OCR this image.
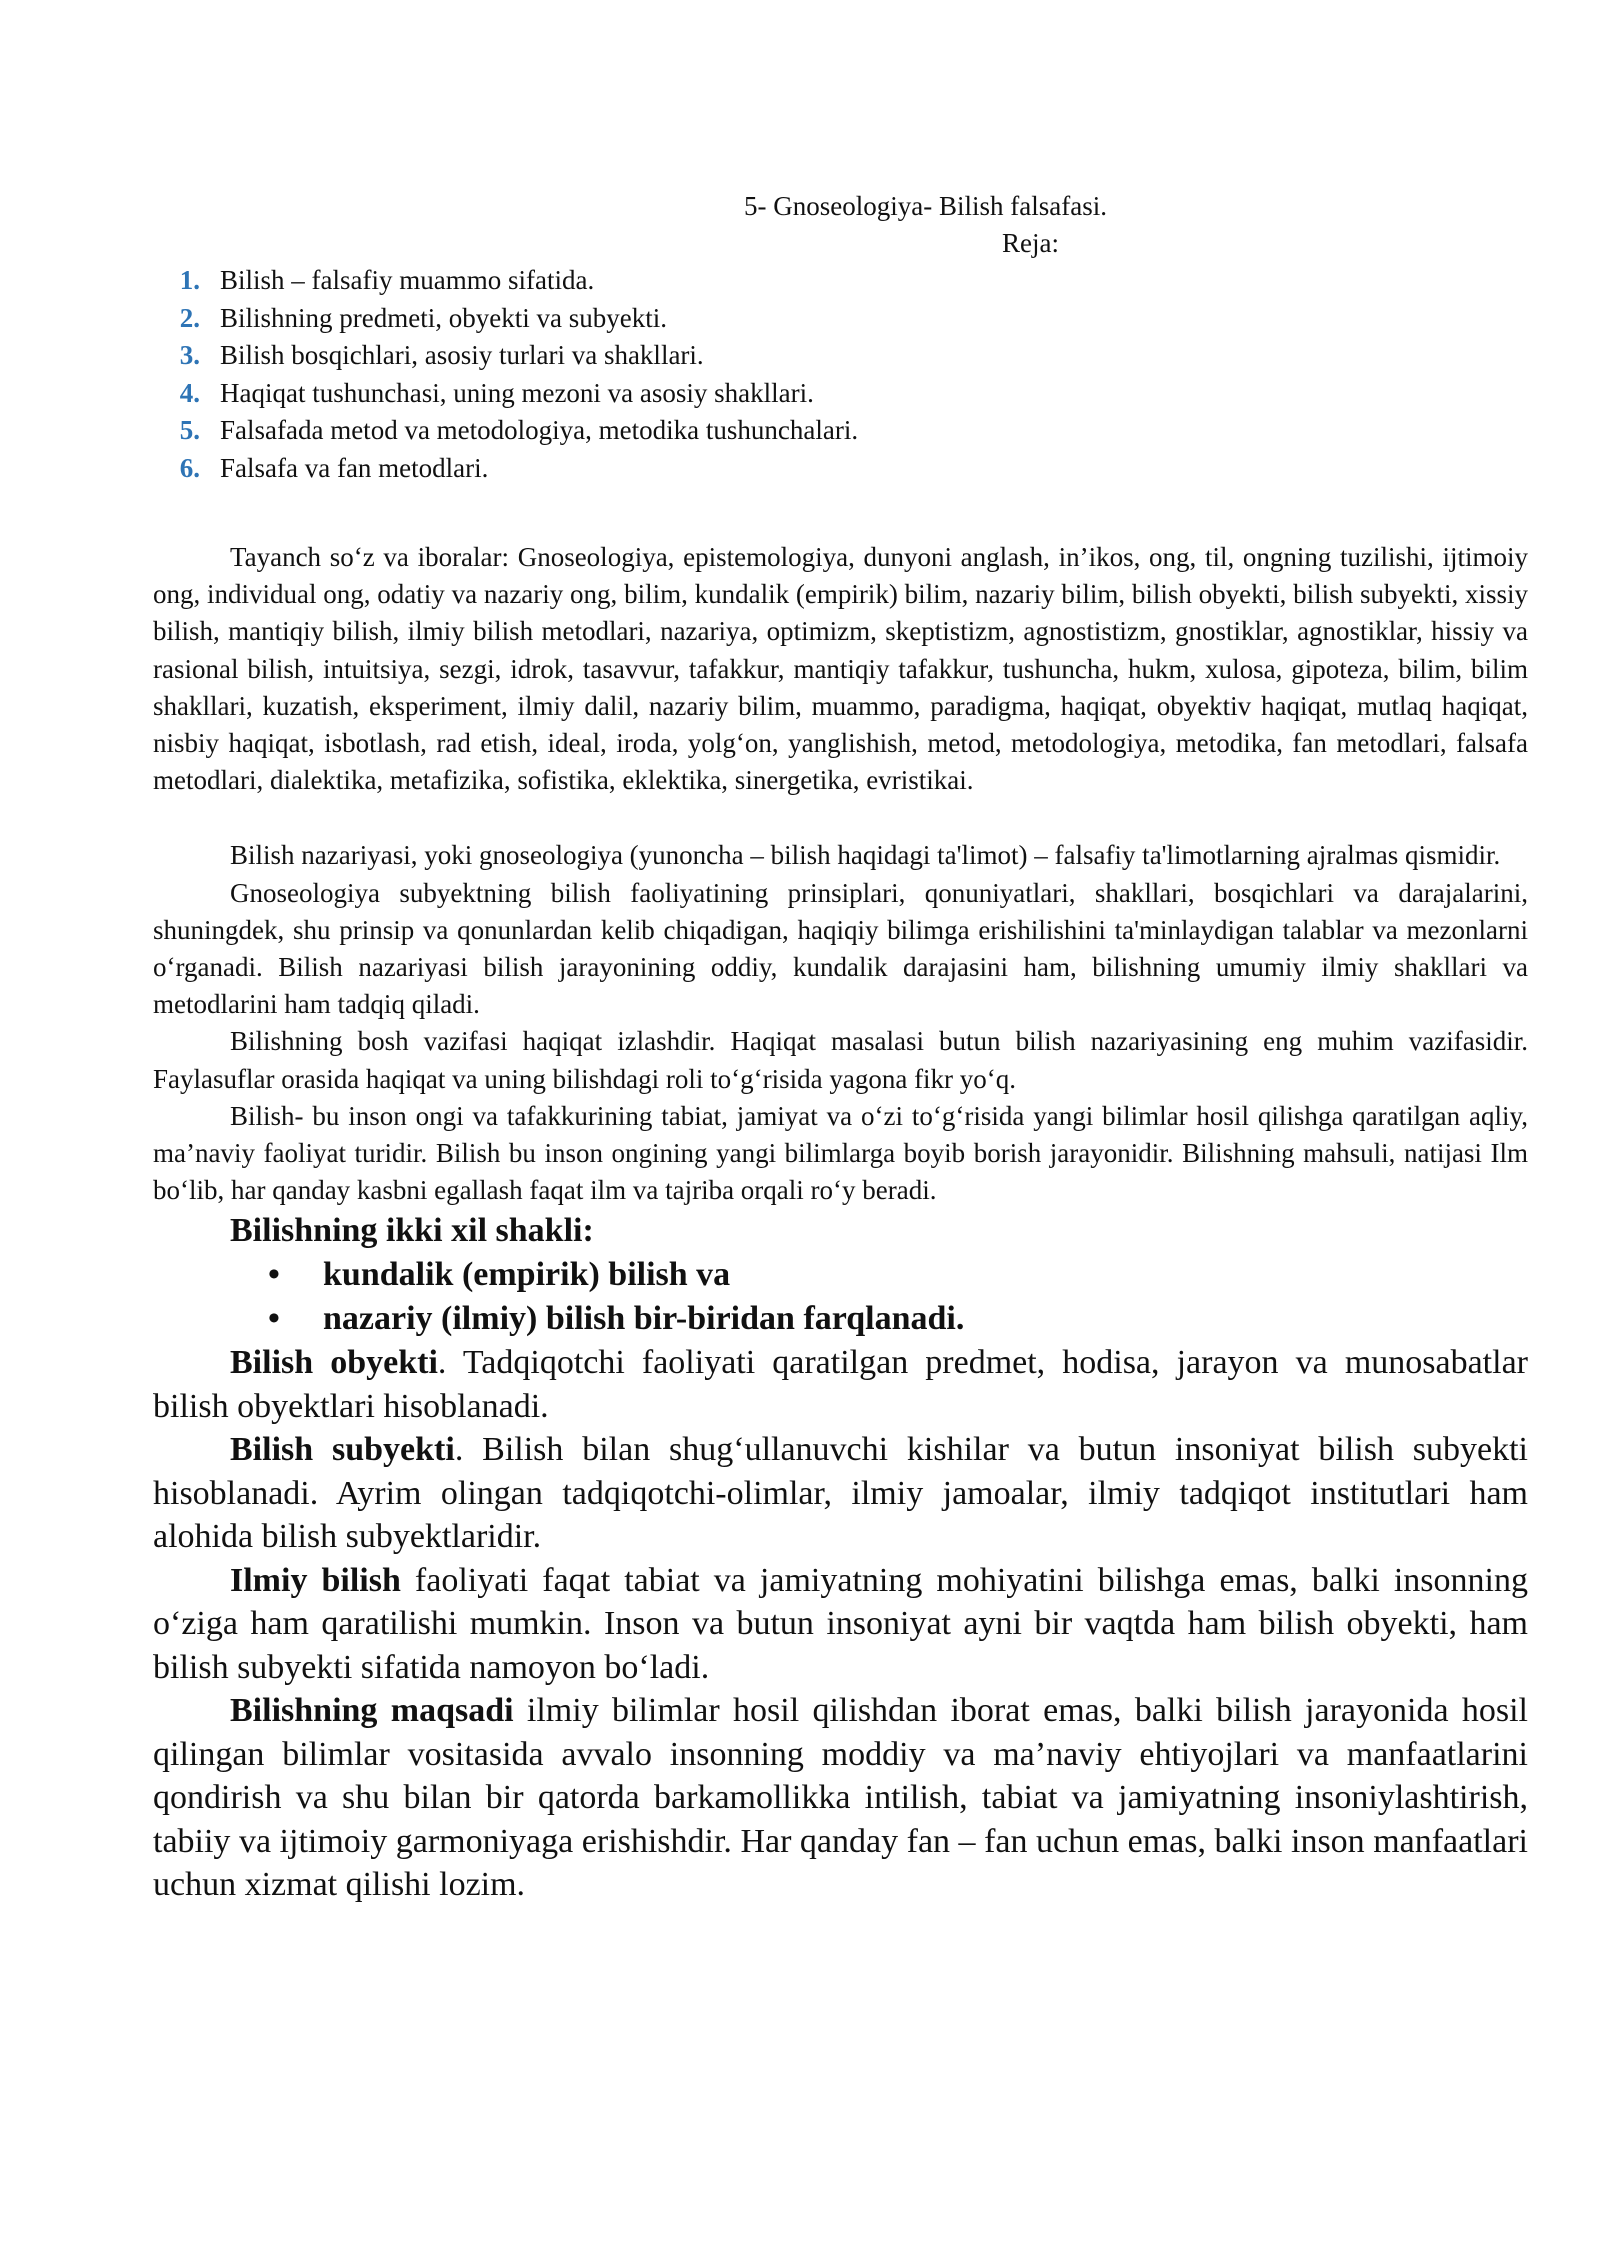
5- Gnoseologiya- Bilish falsafasi.

Reja:

1. Bilish – falsafiy muammo sifatida.
2. Bilishning predmeti, obyekti va subyekti.
3. Bilish bosqichlari, asosiy turlari va shakllari.
4. Haqiqat tushunchasi, uning mezoni va asosiy shakllari.
5. Falsafada metod va metodologiya, metodika tushunchalari.
6. Falsafa va fan metodlari.

Tayanch so‘z va iboralar: Gnoseologiya, epistemologiya, dunyoni anglash, in’ikos, ong, til, ongning tuzilishi, ijtimoiy ong, individual ong, odatiy va nazariy ong, bilim, kundalik (empirik) bilim, nazariy bilim, bilish obyekti, bilish subyekti, xissiy bilish, mantiqiy bilish, ilmiy bilish metodlari, nazariya, optimizm, skeptistizm, agnostistizm, gnostiklar, agnostiklar, hissiy va rasional bilish, intuitsiya, sezgi, idrok, tasavvur, tafakkur, mantiqiy tafakkur, tushuncha, hukm, xulosa, gipoteza, bilim, bilim shakllari, kuzatish, eksperiment, ilmiy dalil, nazariy bilim, muammo, paradigma, haqiqat, obyektiv haqiqat, mutlaq haqiqat, nisbiy haqiqat, isbotlash, rad etish, ideal, iroda, yolg‘on, yanglishish, metod, metodologiya, metodika, fan metodlari, falsafa metodlari, dialektika, metafizika, sofistika, eklektika, sinergetika, evristikai.

Bilish nazariyasi, yoki gnoseologiya (yunoncha – bilish haqidagi ta'limot) – falsafiy ta'limotlarning ajralmas qismidir.

Gnoseologiya subyektning bilish faoliyatining prinsiplari, qonuniyatlari, shakllari, bosqichlari va darajalarini, shuningdek, shu prinsip va qonunlardan kelib chiqadigan, haqiqiy bilimga erishilishini ta'minlaydigan talablar va mezonlarni o‘rganadi. Bilish nazariyasi bilish jarayonining oddiy, kundalik darajasini ham, bilishning umumiy ilmiy shakllari va metodlarini ham tadqiq qiladi.

Bilishning bosh vazifasi haqiqat izlashdir. Haqiqat masalasi butun bilish nazariyasining eng muhim vazifasidir. Faylasuflar orasida haqiqat va uning bilishdagi roli to‘g‘risida yagona fikr yo‘q.

Bilish- bu inson ongi va tafakkurining tabiat, jamiyat va o‘zi to‘g‘risida yangi bilimlar hosil qilishga qaratilgan aqliy, ma’naviy faoliyat turidir. Bilish bu inson ongining yangi bilimlarga boyib borish jarayonidir. Bilishning mahsuli, natijasi Ilm bo‘lib, har qanday kasbni egallash faqat ilm va tajriba orqali ro‘y beradi.

Bilishning ikki xil shakli:
• kundalik (empirik) bilish va
• nazariy (ilmiy) bilish bir-biridan farqlanadi.

Bilish obyekti. Tadqiqotchi faoliyati qaratilgan predmet, hodisa, jarayon va munosabatlar bilish obyektlari hisoblanadi.

Bilish subyekti. Bilish bilan shug‘ullanuvchi kishilar va butun insoniyat bilish subyekti hisoblanadi. Ayrim olingan tadqiqotchi-olimlar, ilmiy jamoalar, ilmiy tadqiqot institutlari ham alohida bilish subyektlaridir.

Ilmiy bilish faoliyati faqat tabiat va jamiyatning mohiyatini bilishga emas, balki insonning o‘ziga ham qaratilishi mumkin. Inson va butun insoniyat ayni bir vaqtda ham bilish obyekti, ham bilish subyekti sifatida namoyon bo‘ladi.

Bilishning maqsadi ilmiy bilimlar hosil qilishdan iborat emas, balki bilish jarayonida hosil qilingan bilimlar vositasida avvalo insonning moddiy va ma’naviy ehtiyojlari va manfaatlarini qondirish va shu bilan bir qatorda barkamollikka intilish, tabiat va jamiyatning insoniylashtirish, tabiiy va ijtimoiy garmoniyaga erishishdir. Har qanday fan – fan uchun emas, balki inson manfaatlari uchun xizmat qilishi lozim.
